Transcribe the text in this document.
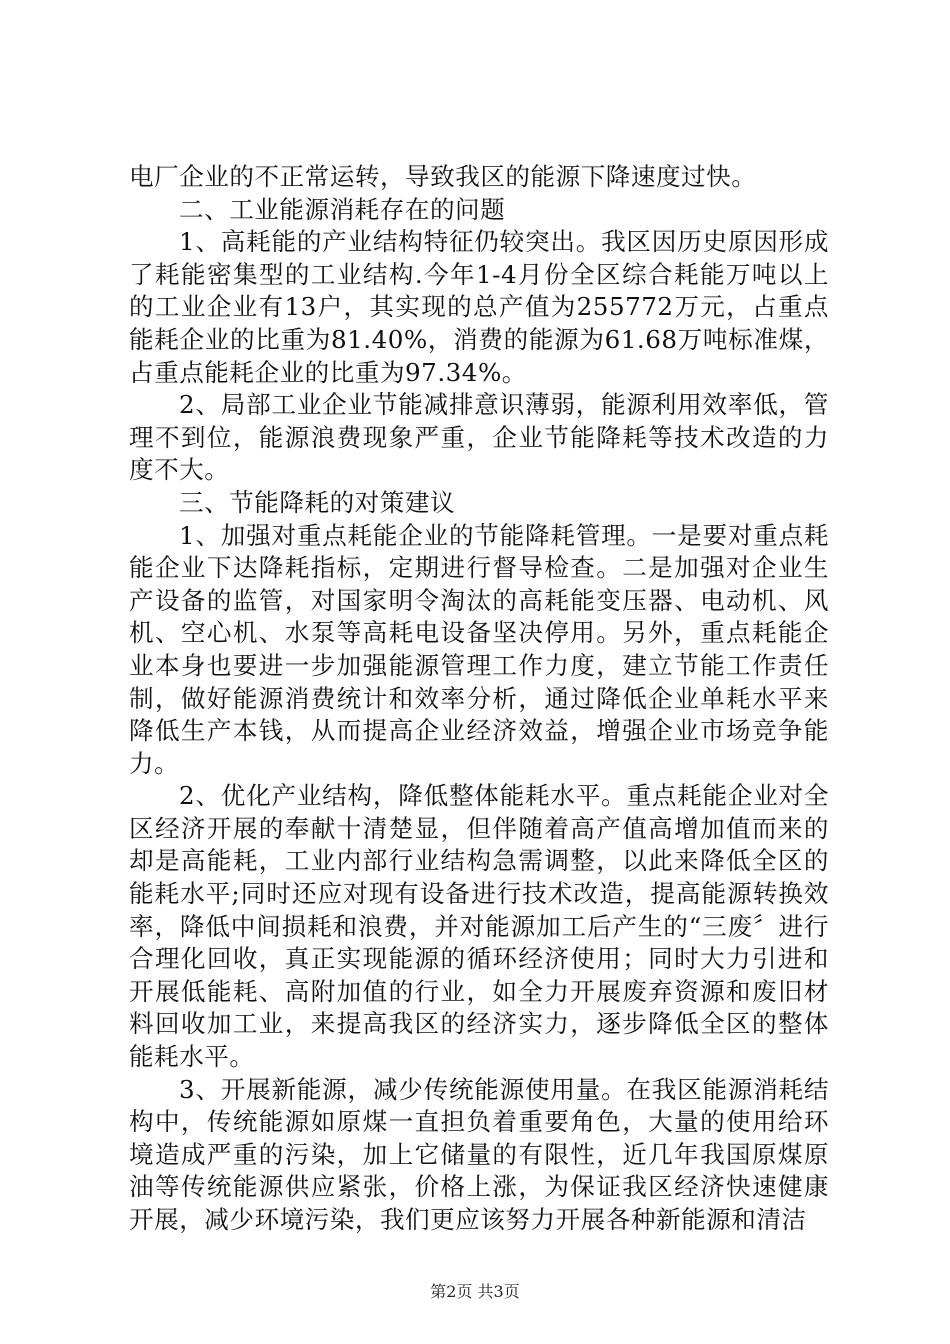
电厂企业的不正常运转，导致我区的能源下降速度过快。

二、工业能源消耗存在的问题

1、高耗能的产业结构特征仍较突出。我区因历史原因形成了耗能密集型的工业结构.今年1-4月份全区综合耗能万吨以上的工业企业有13户，其实现的总产值为255772万元，占重点能耗企业的比重为81.40%，消费的能源为61.68万吨标准煤，占重点能耗企业的比重为97.34%。

2、局部工业企业节能减排意识薄弱，能源利用效率低，管理不到位，能源浪费现象严重，企业节能降耗等技术改造的力度不大。

三、节能降耗的对策建议

1、加强对重点耗能企业的节能降耗管理。一是要对重点耗能企业下达降耗指标，定期进行督导检查。二是加强对企业生产设备的监管，对国家明令淘汰的高耗能变压器、电动机、风机、空心机、水泵等高耗电设备坚决停用。另外，重点耗能企业本身也要进一步加强能源管理工作力度，建立节能工作责任制，做好能源消费统计和效率分析，通过降低企业单耗水平来降低生产本钱，从而提高企业经济效益，增强企业市场竞争能力。

2、优化产业结构，降低整体能耗水平。重点耗能企业对全区经济开展的奉献十清楚显，但伴随着高产值高增加值而来的却是高能耗，工业内部行业结构急需调整，以此来降低全区的能耗水平;同时还应对现有设备进行技术改造，提高能源转换效率，降低中间损耗和浪费，并对能源加工后产生的“三废〞进行合理化回收，真正实现能源的循环经济使用；同时大力引进和开展低能耗、高附加值的行业，如全力开展废弃资源和废旧材料回收加工业，来提高我区的经济实力，逐步降低全区的整体能耗水平。

3、开展新能源，减少传统能源使用量。在我区能源消耗结构中，传统能源如原煤一直担负着重要角色，大量的使用给环境造成严重的污染，加上它储量的有限性，近几年我国原煤原油等传统能源供应紧张，价格上涨，为保证我区经济快速健康开展，减少环境污染，我们更应该努力开展各种新能源和清洁

第2页 共3页
